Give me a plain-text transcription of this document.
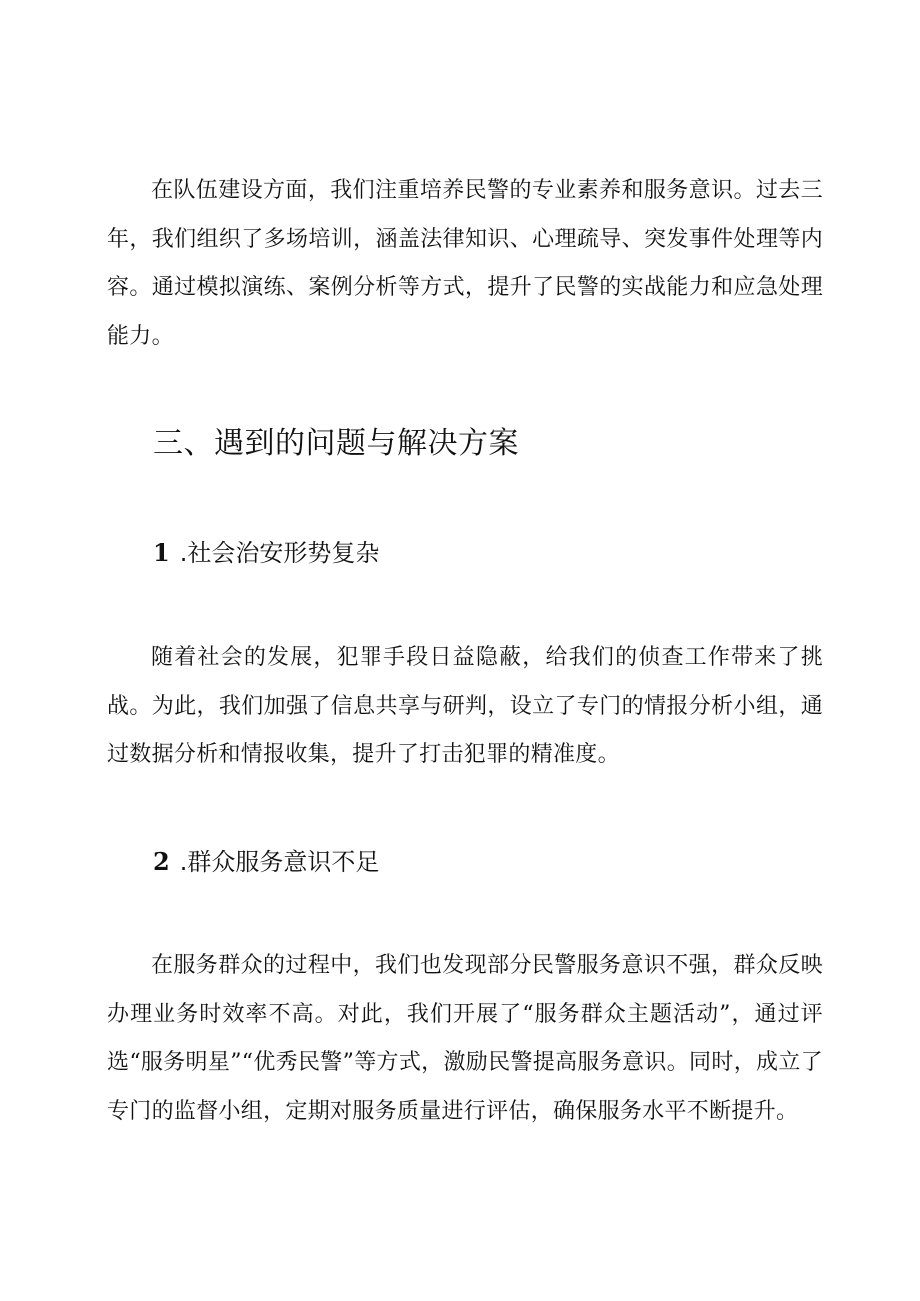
在队伍建设方面，我们注重培养民警的专业素养和服务意识。过去三年，我们组织了多场培训，涵盖法律知识、心理疏导、突发事件处理等内容。通过模拟演练、案例分析等方式，提升了民警的实战能力和应急处理能力。

三、遇到的问题与解决方案
1 .社会治安形势复杂

随着社会的发展，犯罪手段日益隐蔽，给我们的侦查工作带来了挑战。为此，我们加强了信息共享与研判，设立了专门的情报分析小组，通过数据分析和情报收集，提升了打击犯罪的精准度。

2 .群众服务意识不足

在服务群众的过程中，我们也发现部分民警服务意识不强，群众反映办理业务时效率不高。对此，我们开展了“服务群众主题活动”，通过评选“服务明星”“优秀民警”等方式，激励民警提高服务意识。同时，成立了专门的监督小组，定期对服务质量进行评估，确保服务水平不断提升。
